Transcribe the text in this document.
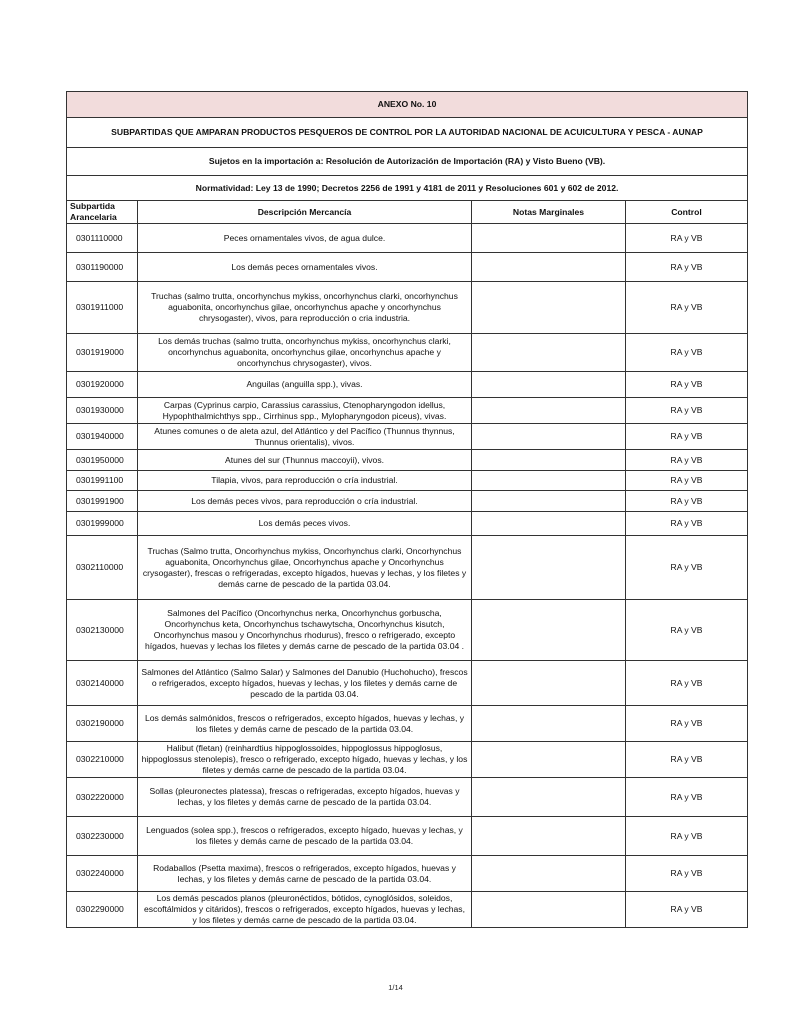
ANEXO No. 10			
SUBPARTIDAS QUE AMPARAN PRODUCTOS PESQUEROS DE CONTROL POR LA AUTORIDAD NACIONAL DE ACUICULTURA Y PESCA - AUNAP			
Sujetos en la importación a: Resolución de Autorización de Importación (RA) y Visto Bueno (VB).			
Normatividad: Ley 13 de 1990; Decretos 2256 de 1991 y 4181 de 2011 y Resoluciones 601 y 602 de 2012.			
Subpartida Arancelaria	Descripción Mercancía	Notas Marginales	Control
0301110000	Peces ornamentales vivos, de agua dulce.		RA y VB
0301190000	Los demás peces ornamentales vivos.		RA y VB
0301911000	Truchas (salmo trutta, oncorhynchus mykiss, oncorhynchus clarki, oncorhynchus aguabonita, oncorhynchus gilae, oncorhynchus apache y oncorhynchus chrysogaster), vivos, para reproducción o cria industria.		RA y VB
0301919000	Los demás truchas (salmo trutta, oncorhynchus mykiss, oncorhynchus clarki, oncorhynchus aguabonita, oncorhynchus gilae, oncorhynchus apache y oncorhynchus chrysogaster), vivos.		RA y VB
0301920000	Anguilas (anguilla spp.), vivas.		RA y VB
0301930000	Carpas (Cyprinus carpio, Carassius carassius, Ctenopharyngodon idellus, Hypophthalmichthys spp., Cirrhinus spp., Mylopharyngodon piceus), vivas.		RA y VB
0301940000	Atunes comunes o de aleta azul, del Atlántico y del Pacífico (Thunnus thynnus, Thunnus orientalis), vivos.		RA y VB
0301950000	Atunes del sur (Thunnus maccoyii), vivos.		RA y VB
0301991100	Tilapia, vivos, para reproducción o cría industrial.		RA y VB
0301991900	Los demás peces vivos, para reproducción o cría industrial.		RA y VB
0301999000	Los demás peces vivos.		RA y VB
0302110000	Truchas (Salmo trutta, Oncorhynchus mykiss, Oncorhynchus clarki, Oncorhynchus aguabonita, Oncorhynchus gilae, Oncorhynchus apache y Oncorhynchus crysogaster), frescas o refrigeradas, excepto hígados, huevas y lechas, y los filetes y demás carne de pescado de la partida 03.04.		RA y VB
0302130000	Salmones del Pacífico (Oncorhynchus nerka, Oncorhynchus gorbuscha, Oncorhynchus keta, Oncorhynchus tschawytscha, Oncorhynchus kisutch, Oncorhynchus masou y Oncorhynchus rhodurus), fresco o refrigerado, excepto hígados, huevas y lechas los filetes y demás carne de pescado de la partida 03.04 .		RA y VB
0302140000	Salmones del Atlántico (Salmo Salar) y Salmones del Danubio (Huchohucho), frescos o refrigerados, excepto hígados, huevas y lechas, y los filetes y demás carne de pescado de la partida 03.04.		RA y VB
0302190000	Los demás salmónidos, frescos o refrigerados, excepto hígados, huevas y lechas, y los filetes y demás carne de pescado de la partida 03.04.		RA y VB
0302210000	Halibut (fletan) (reinhardtius hippoglossoides, hippoglossus hippoglosus, hippoglossus stenolepis), fresco o refrigerado, excepto hígado, huevas y lechas, y los filetes y demás carne de pescado de la partida 03.04.		RA y VB
0302220000	Sollas (pleuronectes platessa), frescas o refrigeradas, excepto hígados, huevas y lechas, y los filetes y demás carne de pescado de la partida 03.04.		RA y VB
0302230000	Lenguados (solea spp.), frescos o refrigerados, excepto hígado, huevas y lechas, y los filetes y demás carne de pescado de la partida 03.04.		RA y VB
0302240000	Rodaballos (Psetta maxima), frescos o refrigerados, excepto hígados, huevas y lechas, y los filetes y demás carne de pescado de la partida 03.04.		RA y VB
0302290000	Los demás pescados planos (pleuronéctidos, bótidos, cynoglósidos, soleidos, escoftálmidos y citáridos), frescos o refrigerados, excepto hígados, huevas y lechas, y los filetes y demás carne de pescado de la partida 03.04.		RA y VB
1/14
